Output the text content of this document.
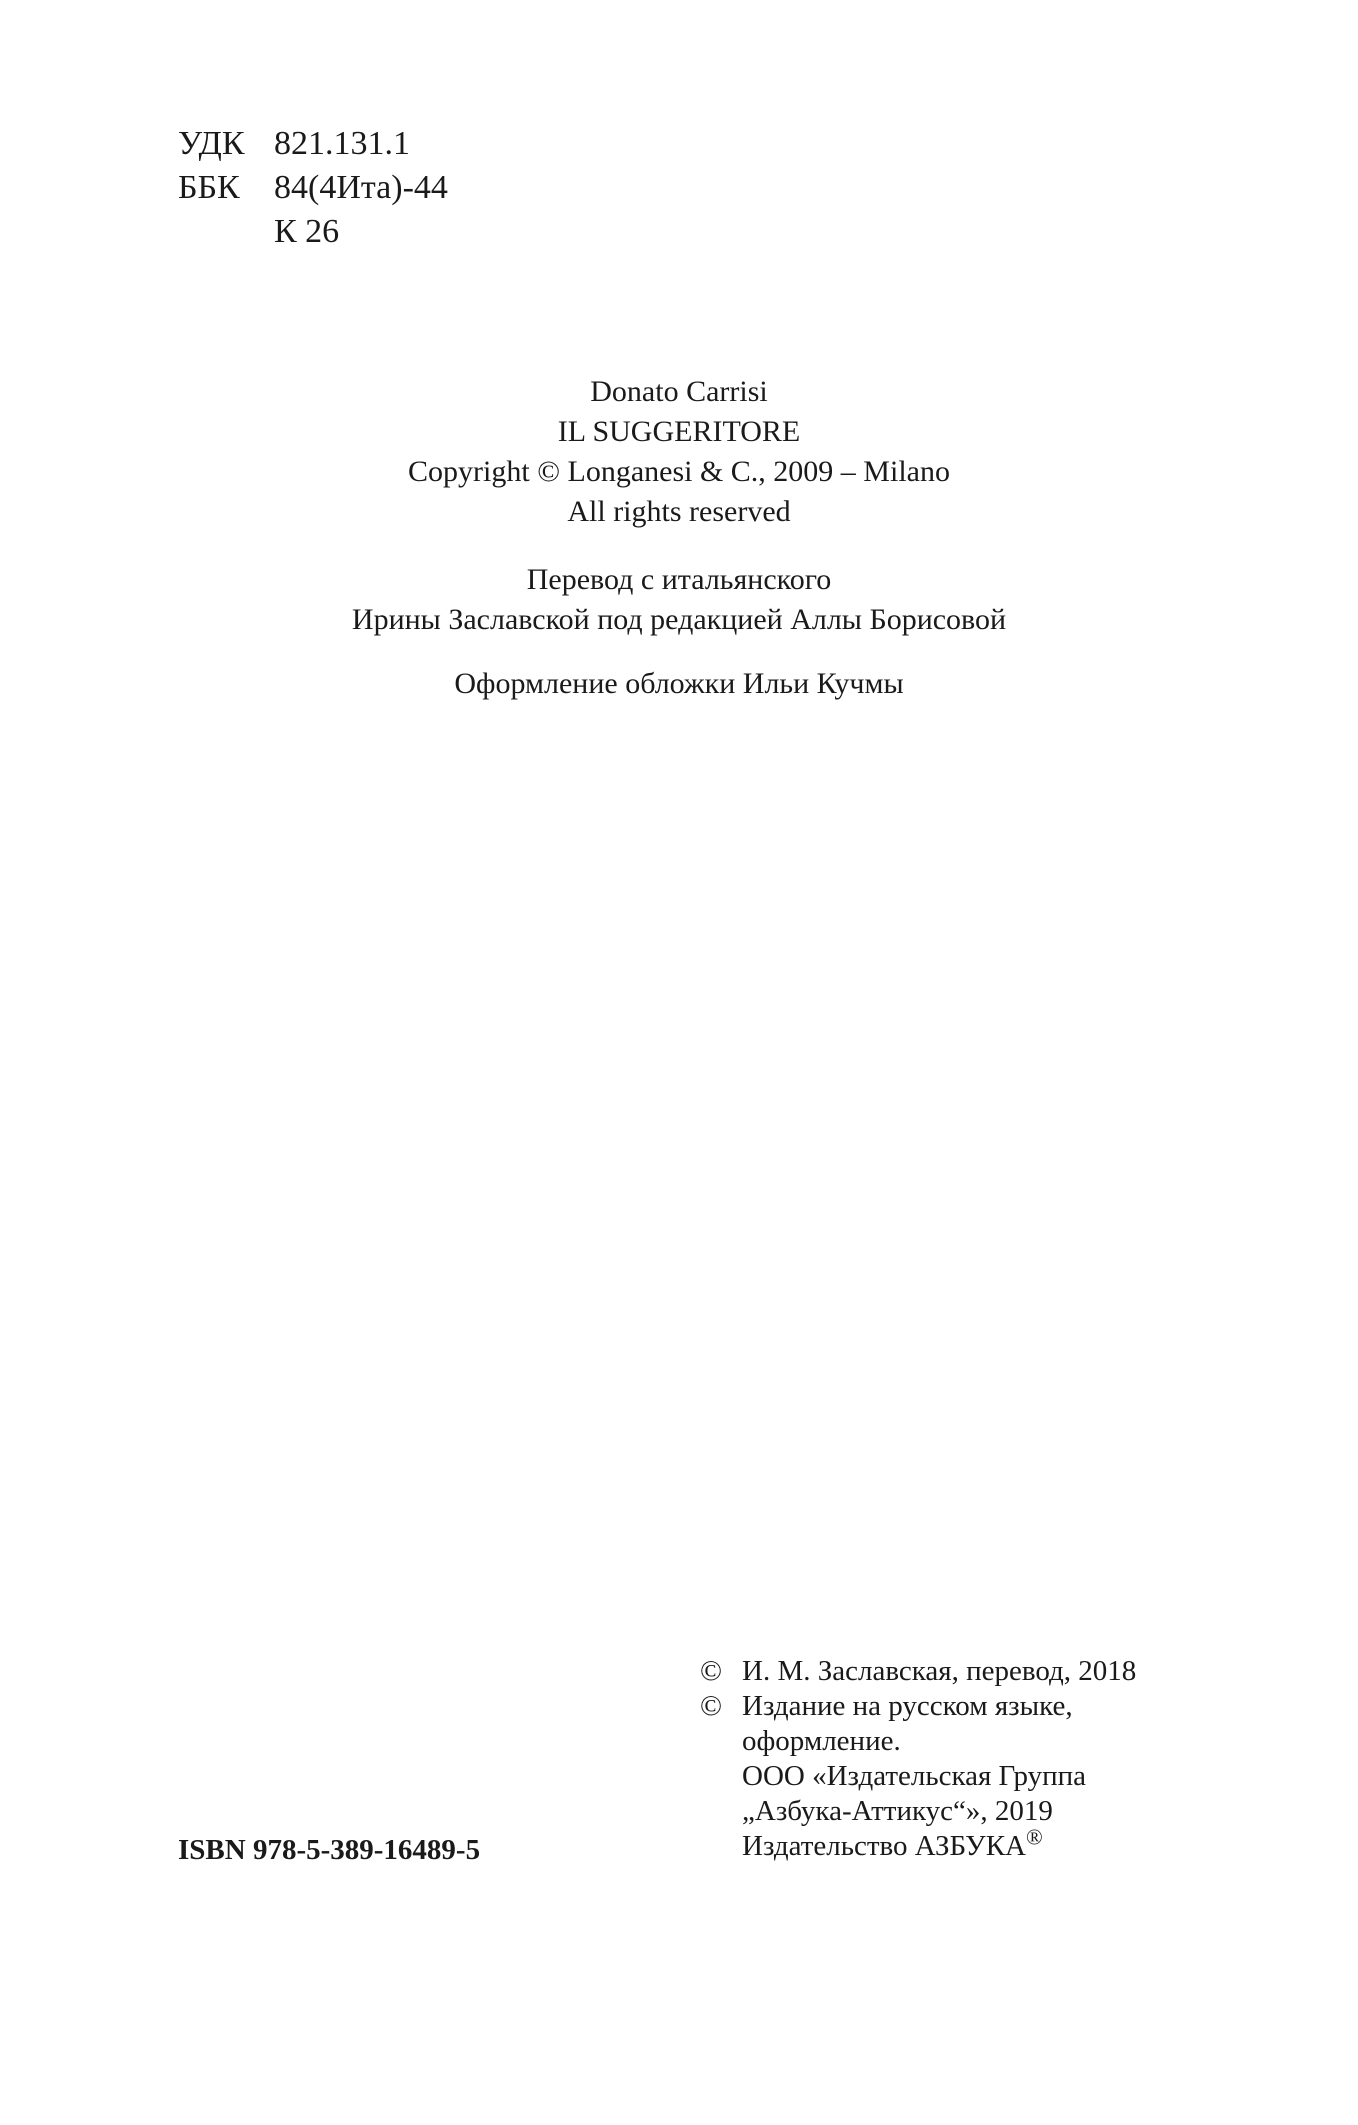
УДК 821.131.1
ББК	84(4Ита)-44
К 26
Donato Carrisi
IL SUGGERITORE
Copyright © Longanesi & C., 2009 – Milano
All rights reserved
Перевод с итальянского
Ирины Заславской под редакцией Аллы Борисовой
Оформление обложки Ильи Кучмы
© И. М. Заславская, перевод, 2018
© Издание на русском языке,
оформление.
ООО «Издательская Группа
„Азбука-Аттикус“», 2019
Издательство АЗБУКА®
ISBN 978-5-389-16489-5
